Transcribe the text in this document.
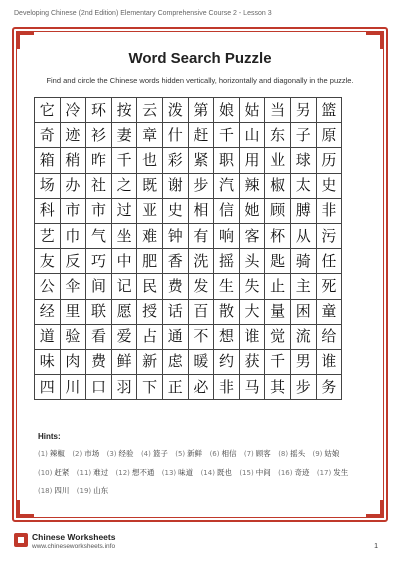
Developing Chinese (2nd Edition) Elementary Comprehensive Course 2 - Lesson 3
Word Search Puzzle
Find and circle the Chinese words hidden vertically, horizontally and diagonally in the puzzle.
它	冷	环	按	云	泼	第	娘	姑	当	另	篮
奇	迹	衫	妻	章	什	赶	千	山	东	子	原
箱	稍	昨	千	也	彩	紧	职	用	业	球	历
场	办	社	之	既	谢	步	汽	辣	椒	太	史
科	市	市	过	亚	史	相	信	她	顾	膊	非
艺	巾	气	坐	难	钟	有	响	客	杯	从	污
友	反	巧	中	肥	香	洗	摇	头	匙	骑	任
公	伞	间	记	民	费	发	生	失	止	主	死
经	里	联	愿	授	话	百	散	大	量	困	童
道	验	看	爱	占	通	不	想	谁	觉	流	给
味	肉	费	鲜	新	虑	暖	约	获	千	男	谁
四	川	口	羽	下	正	必	非	马	其	步	务
Hints:
(1) 辣椒 (2) 市场 (3) 经验 (4) 篮子 (5) 新鲜 (6) 相信 (7) 顾客 (8) 摇头 (9) 姑娘 (10) 赶紧 (11) 难过 (12) 想不通 (13) 味道 (14) 既也 (15) 中间 (16) 奇迹 (17) 发生 (18) 四川 (19) 山东
Chinese Worksheets
www.chineseworksheets.info	1
